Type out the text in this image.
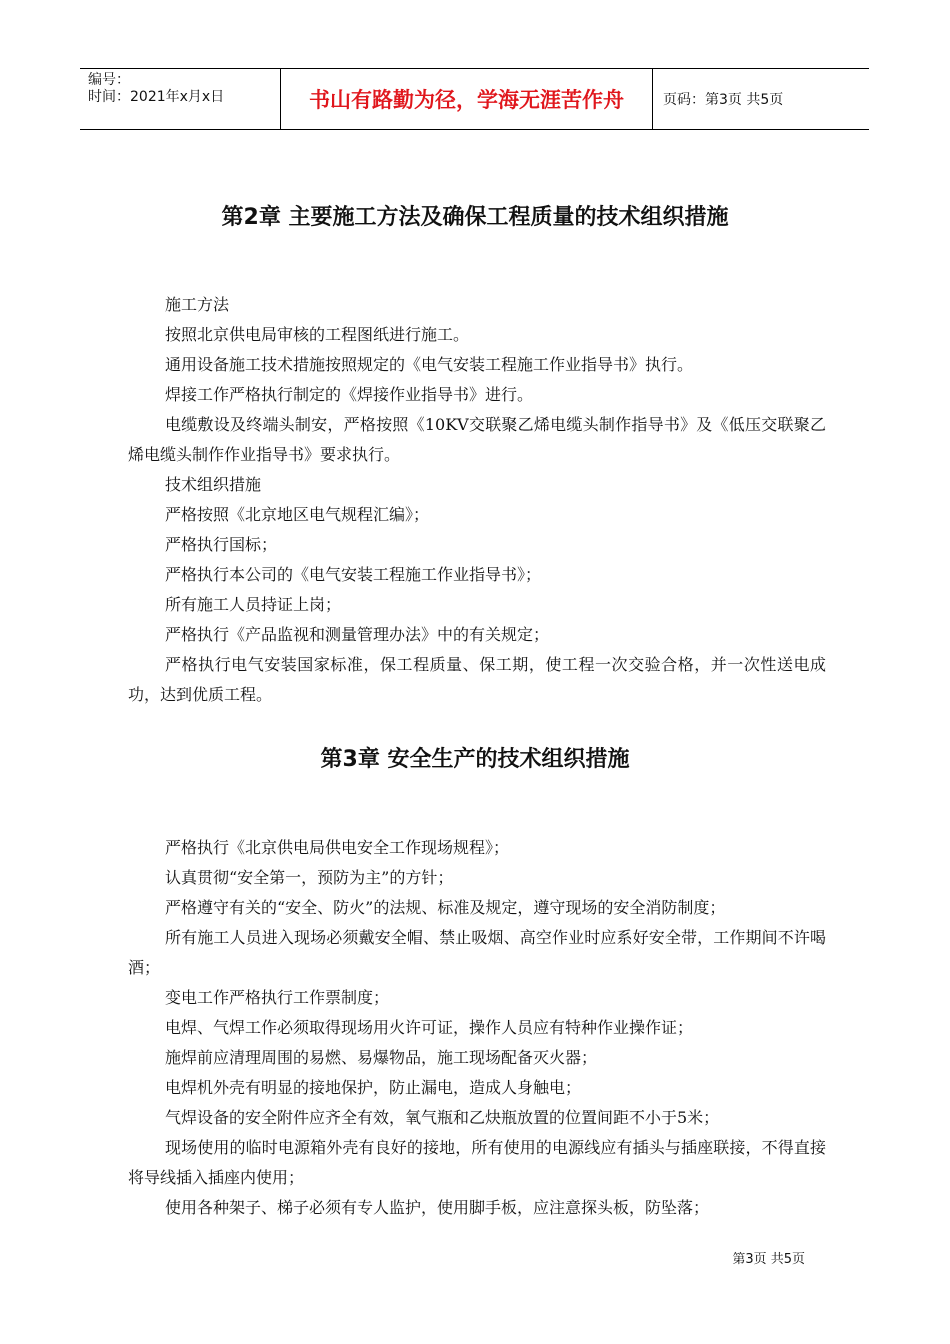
编号：
时间：2021年x月x日	书山有路勤为径，学海无涯苦作舟	页码：第3页 共5页
第2章 主要施工方法及确保工程质量的技术组织措施
施工方法
按照北京供电局审核的工程图纸进行施工。
通用设备施工技术措施按照规定的《电气安装工程施工作业指导书》执行。
焊接工作严格执行制定的《焊接作业指导书》进行。
电缆敷设及终端头制安，严格按照《10KV交联聚乙烯电缆头制作指导书》及《低压交联聚乙烯电缆头制作作业指导书》要求执行。
技术组织措施
严格按照《北京地区电气规程汇编》；
严格执行国标；
严格执行本公司的《电气安装工程施工作业指导书》；
所有施工人员持证上岗；
严格执行《产品监视和测量管理办法》中的有关规定；
严格执行电气安装国家标准，保工程质量、保工期，使工程一次交验合格，并一次性送电成功，达到优质工程。
第3章 安全生产的技术组织措施
严格执行《北京供电局供电安全工作现场规程》；
认真贯彻“安全第一，预防为主”的方针；
严格遵守有关的“安全、防火”的法规、标准及规定，遵守现场的安全消防制度；
所有施工人员进入现场必须戴安全帽、禁止吸烟、高空作业时应系好安全带，工作期间不许喝酒；
变电工作严格执行工作票制度；
电焊、气焊工作必须取得现场用火许可证，操作人员应有特种作业操作证；
施焊前应清理周围的易燃、易爆物品，施工现场配备灭火器；
电焊机外壳有明显的接地保护，防止漏电，造成人身触电；
气焊设备的安全附件应齐全有效，氧气瓶和乙炔瓶放置的位置间距不小于5米；
现场使用的临时电源箱外壳有良好的接地，所有使用的电源线应有插头与插座联接，不得直接将导线插入插座内使用；
使用各种架子、梯子必须有专人监护，使用脚手板，应注意探头板，防坠落；
第3页 共5页
